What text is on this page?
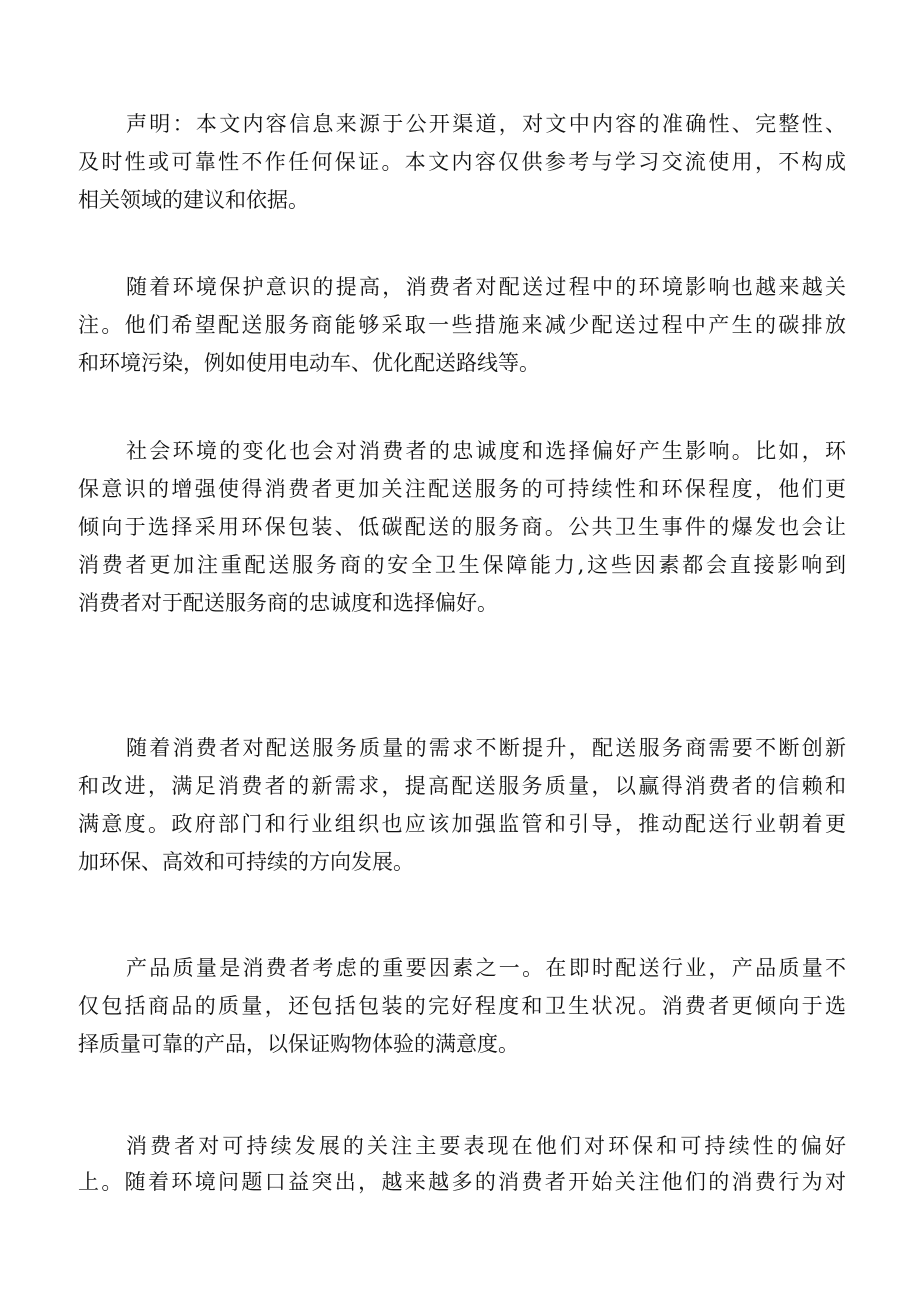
声明：本文内容信息来源于公开渠道，对文中内容的准确性、完整性、
及时性或可靠性不作任何保证。本文内容仅供参考与学习交流使用，不构成
相关领域的建议和依据。

随着环境保护意识的提高，消费者对配送过程中的环境影响也越来越关
注。他们希望配送服务商能够采取一些措施来减少配送过程中产生的碳排放
和环境污染，例如使用电动车、优化配送路线等。

社会环境的变化也会对消费者的忠诚度和选择偏好产生影响。比如，环
保意识的增强使得消费者更加关注配送服务的可持续性和环保程度，他们更
倾向于选择采用环保包装、低碳配送的服务商。公共卫生事件的爆发也会让
消费者更加注重配送服务商的安全卫生保障能力,这些因素都会直接影响到
消费者对于配送服务商的忠诚度和选择偏好。

随着消费者对配送服务质量的需求不断提升，配送服务商需要不断创新
和改进，满足消费者的新需求，提高配送服务质量，以赢得消费者的信赖和
满意度。政府部门和行业组织也应该加强监管和引导，推动配送行业朝着更
加环保、高效和可持续的方向发展。

产品质量是消费者考虑的重要因素之一。在即时配送行业，产品质量不
仅包括商品的质量，还包括包装的完好程度和卫生状况。消费者更倾向于选
择质量可靠的产品，以保证购物体验的满意度。

消费者对可持续发展的关注主要表现在他们对环保和可持续性的偏好
上。随着环境问题口益突出，越来越多的消费者开始关注他们的消费行为对
